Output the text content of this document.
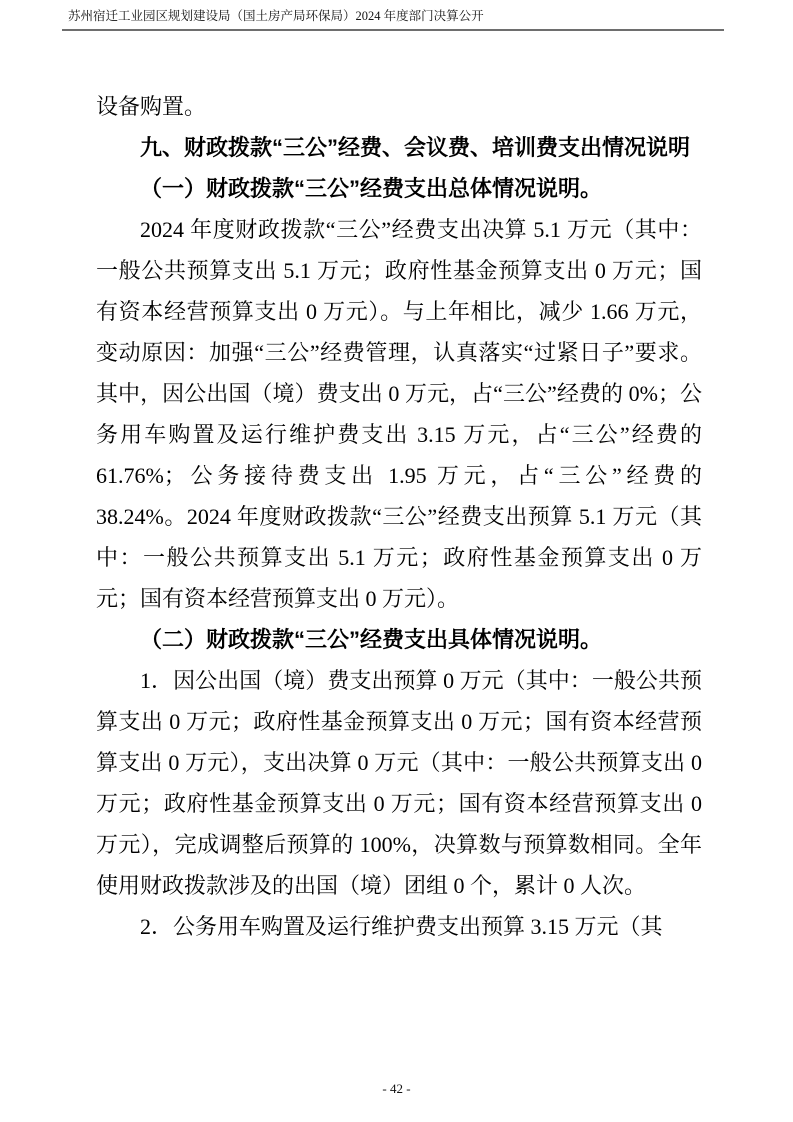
苏州宿迁工业园区规划建设局（国土房产局环保局）2024 年度部门决算公开

设备购置。

九、财政拨款“三公”经费、会议费、培训费支出情况说明

（一）财政拨款“三公”经费支出总体情况说明。

2024 年度财政拨款“三公”经费支出决算 5.1 万元（其中：一般公共预算支出 5.1 万元；政府性基金预算支出 0 万元；国有资本经营预算支出 0 万元）。与上年相比，减少 1.66 万元，变动原因：加强“三公”经费管理，认真落实“过紧日子”要求。其中，因公出国（境）费支出 0 万元，占“三公”经费的 0%；公务用车购置及运行维护费支出 3.15 万元，占“三公”经费的 61.76%；公务接待费支出 1.95 万元，占“三公”经费的 38.24%。2024 年度财政拨款“三公”经费支出预算 5.1 万元（其中：一般公共预算支出 5.1 万元；政府性基金预算支出 0 万元；国有资本经营预算支出 0 万元）。

（二）财政拨款“三公”经费支出具体情况说明。

1．因公出国（境）费支出预算 0 万元（其中：一般公共预算支出 0 万元；政府性基金预算支出 0 万元；国有资本经营预算支出 0 万元），支出决算 0 万元（其中：一般公共预算支出 0 万元；政府性基金预算支出 0 万元；国有资本经营预算支出 0 万元），完成调整后预算的 100%，决算数与预算数相同。全年使用财政拨款涉及的出国（境）团组 0 个，累计 0 人次。

2．公务用车购置及运行维护费支出预算 3.15 万元（其

- 42 -
